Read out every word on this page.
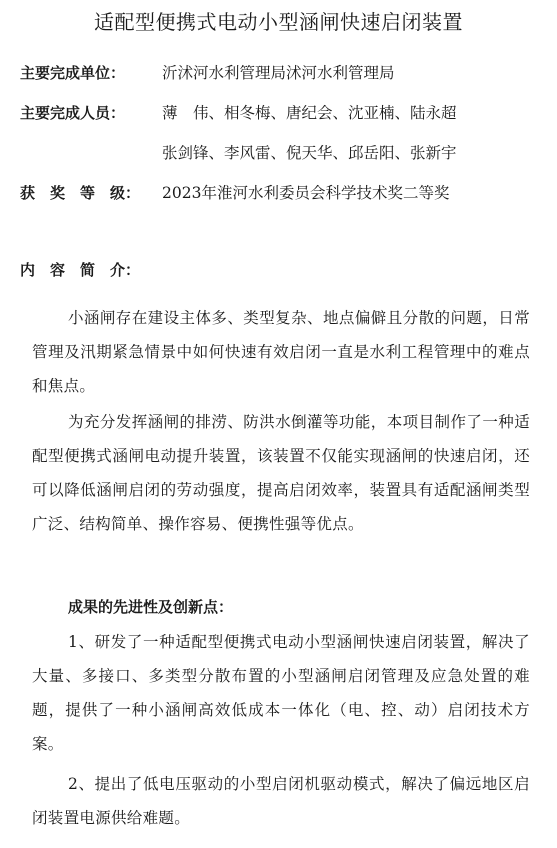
适配型便携式电动小型涵闸快速启闭装置
主要完成单位： 沂沭河水利管理局沭河水利管理局
主要完成人员： 薄　伟、相冬梅、唐纪会、沈亚楠、陆永超
张剑锋、李风雷、倪天华、邱岳阳、张新宇
获　奖　等　级： 2023年淮河水利委员会科学技术奖二等奖
内　容　简　介：

小涵闸存在建设主体多、类型复杂、地点偏僻且分散的问题，日常管理及汛期紧急情景中如何快速有效启闭一直是水利工程管理中的难点和焦点。

为充分发挥涵闸的排涝、防洪水倒灌等功能，本项目制作了一种适配型便携式涵闸电动提升装置，该装置不仅能实现涵闸的快速启闭，还可以降低涵闸启闭的劳动强度，提高启闭效率，装置具有适配涵闸类型广泛、结构简单、操作容易、便携性强等优点。

成果的先进性及创新点：

1、研发了一种适配型便携式电动小型涵闸快速启闭装置，解决了大量、多接口、多类型分散布置的小型涵闸启闭管理及应急处置的难题，提供了一种小涵闸高效低成本一体化（电、控、动）启闭技术方案。

2、提出了低电压驱动的小型启闭机驱动模式，解决了偏远地区启闭装置电源供给难题。
